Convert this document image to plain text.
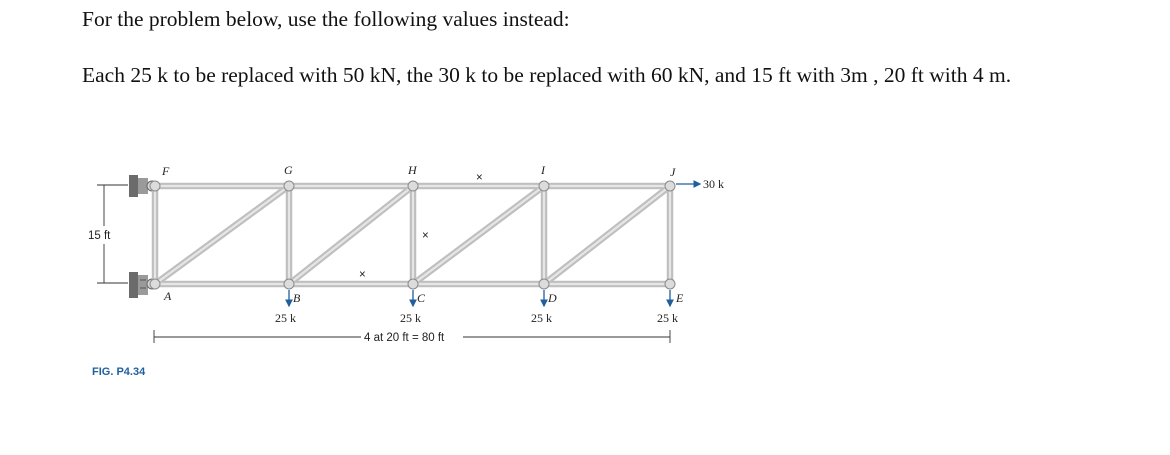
For the problem below, use the following values instead:
Each 25 k to be replaced with 50 kN, the 30 k to be replaced with 60 kN, and 15 ft with 3m , 20 ft with 4 m.
F	G	H	I	J
A	B	C	D	E
25 k	25 k	25 k	25 k
30 k
15 ft
4 at 20 ft = 80 ft
×
×
×
FIG. P4.34
